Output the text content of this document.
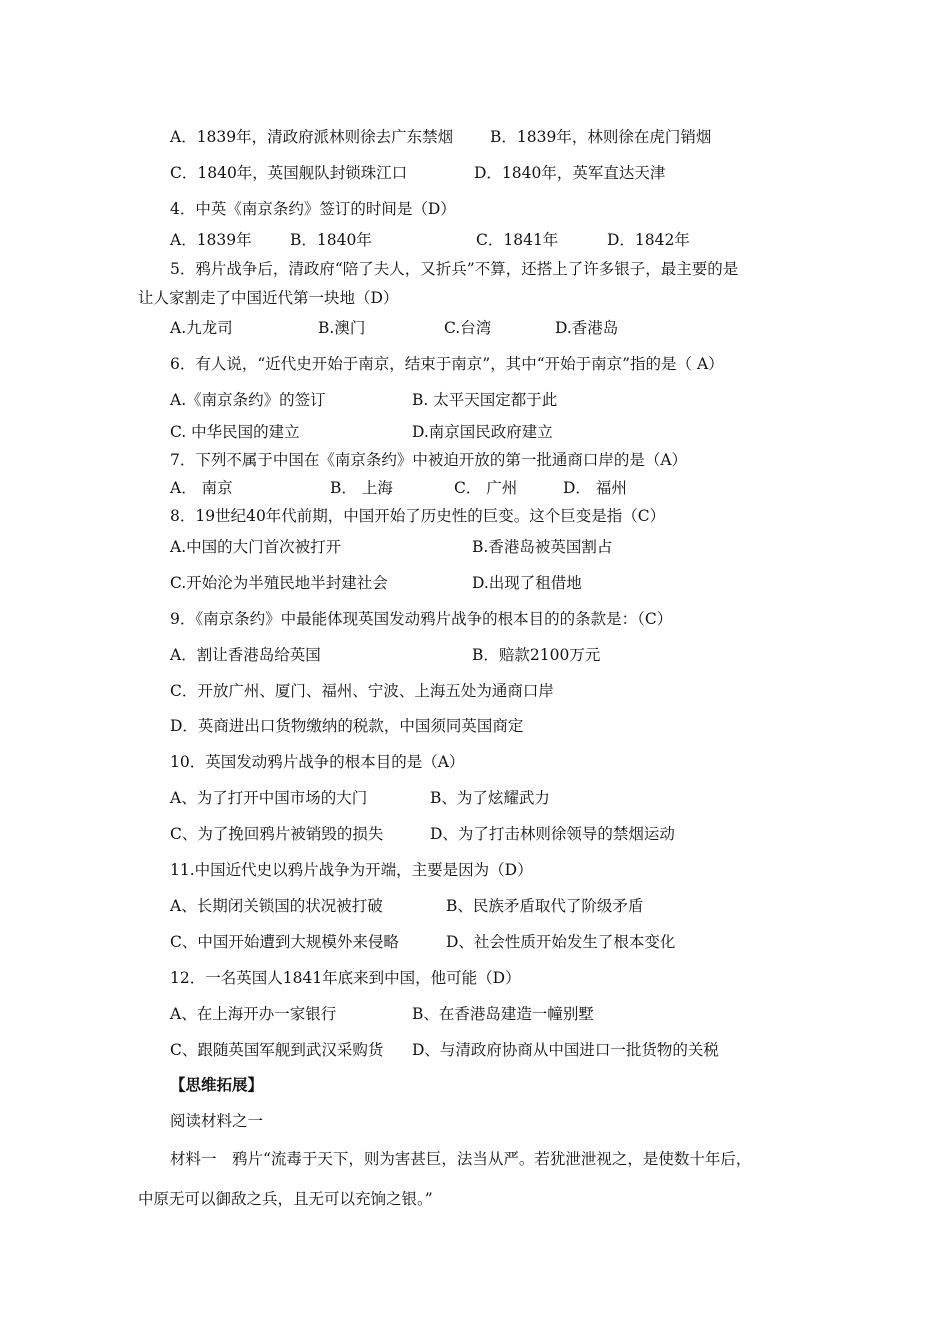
A．1839年，清政府派林则徐去广东禁烟 B．1839年，林则徐在虎门销烟
C．1840年，英国舰队封锁珠江口	D．1840年，英军直达天津
4．中英《南京条约》签订的时间是（D）
A．1839年 B．1840年	C．1841年	D．1842年
5．鸦片战争后，清政府“陪了夫人，又折兵”不算，还搭上了许多银子，最主要的是
让人家割走了中国近代第一块地（D）
A.九龙司	B.澳门	C.台湾	D.香港岛
6．有人说，“近代史开始于南京，结束于南京”，其中“开始于南京”指的是（ A）
A.《南京条约》的签订	B. 太平天国定都于此
C. 中华民国的建立	D.南京国民政府建立
7．下列不属于中国在《南京条约》中被迫开放的第一批通商口岸的是（A）
A． 南京	B． 上海	C． 广州	D． 福州
8．19世纪40年代前期，中国开始了历史性的巨变。这个巨变是指（C）
A.中国的大门首次被打开	B.香港岛被英国割占
C.开始沦为半殖民地半封建社会	D.出现了租借地
9．《南京条约》中最能体现英国发动鸦片战争的根本目的的条款是：（C）
A．割让香港岛给英国	B．赔款2100万元
C．开放广州、厦门、福州、宁波、上海五处为通商口岸
D．英商进出口货物缴纳的税款，中国须同英国商定
10．英国发动鸦片战争的根本目的是（A）
A、为了打开中国市场的大门	B、为了炫耀武力
C、为了挽回鸦片被销毁的损失	D、为了打击林则徐领导的禁烟运动
11.中国近代史以鸦片战争为开端，主要是因为（D）
A、长期闭关锁国的状况被打破	B、民族矛盾取代了阶级矛盾
C、中国开始遭到大规模外来侵略	D、社会性质开始发生了根本变化
12．一名英国人1841年底来到中国，他可能（D）
A、在上海开办一家银行	B、在香港岛建造一幢别墅
C、跟随英国军舰到武汉采购货 D、与清政府协商从中国进口一批货物的关税
【思维拓展】
阅读材料之一
材料一　鸦片“流毒于天下，则为害甚巨，法当从严。若犹泄泄视之，是使数十年后，
中原无可以御敌之兵，且无可以充饷之银。”
